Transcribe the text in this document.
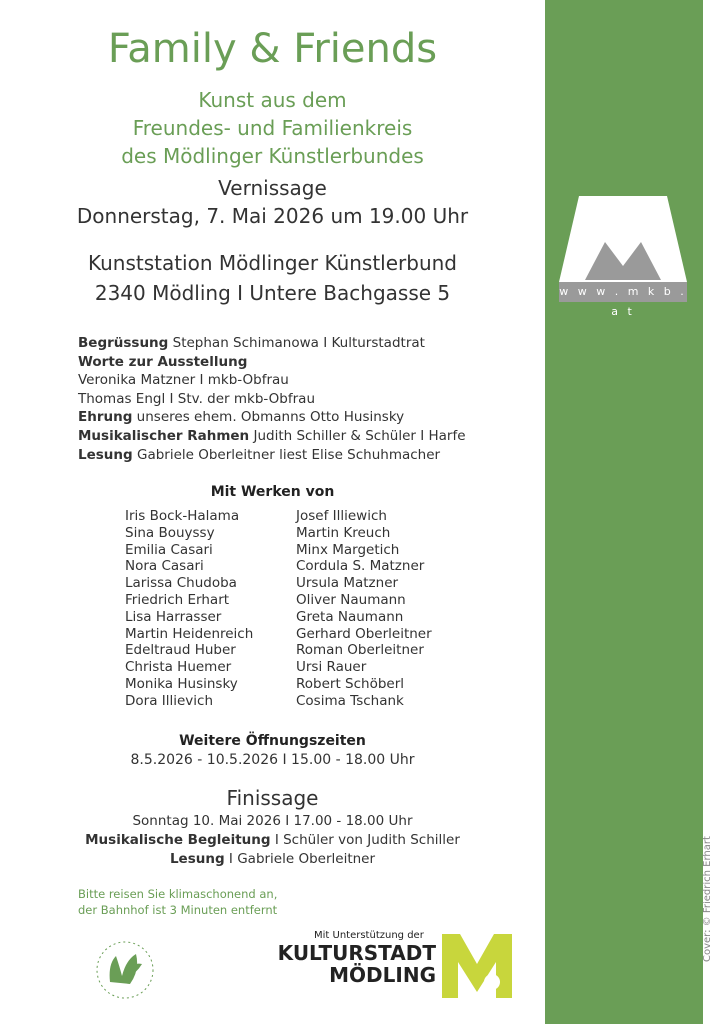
w w w . m k b . a t
Cover: © Friedrich Erhart
Family & Friends
Kunst aus dem
Freundes- und Familienkreis
des Mödlinger Künstlerbundes
Vernissage
Donnerstag, 7. Mai 2026 um 19.00 Uhr
Kunststation Mödlinger Künstlerbund
2340 Mödling I Untere Bachgasse 5
Begrüssung Stephan Schimanowa I Kulturstadtrat
Worte zur Ausstellung
Veronika Matzner I mkb-Obfrau
Thomas Engl I Stv. der mkb-Obfrau
Ehrung unseres ehem. Obmanns Otto Husinsky
Musikalischer Rahmen Judith Schiller & Schüler I Harfe
Lesung Gabriele Oberleitner liest Elise Schuhmacher
Mit Werken von
Iris Bock-Halama
Sina Bouyssy
Emilia Casari
Nora Casari
Larissa Chudoba
Friedrich Erhart
Lisa Harrasser
Martin Heidenreich
Edeltraud Huber
Christa Huemer
Monika Husinsky
Dora Illievich
Josef Illiewich
Martin Kreuch
Minx Margetich
Cordula S. Matzner
Ursula Matzner
Oliver Naumann
Greta Naumann
Gerhard Oberleitner
Roman Oberleitner
Ursi Rauer
Robert Schöberl
Cosima Tschank
Weitere Öffnungszeiten
8.5.2026 - 10.5.2026 I 15.00 - 18.00 Uhr
Finissage
Sonntag 10. Mai 2026 I 17.00 - 18.00 Uhr
Musikalische Begleitung I Schüler von Judith Schiller
Lesung I Gabriele Oberleitner
Bitte reisen Sie klimaschonend an,
der Bahnhof ist 3 Minuten entfernt
Mit Unterstützung der
KULTURSTADT
MÖDLING
